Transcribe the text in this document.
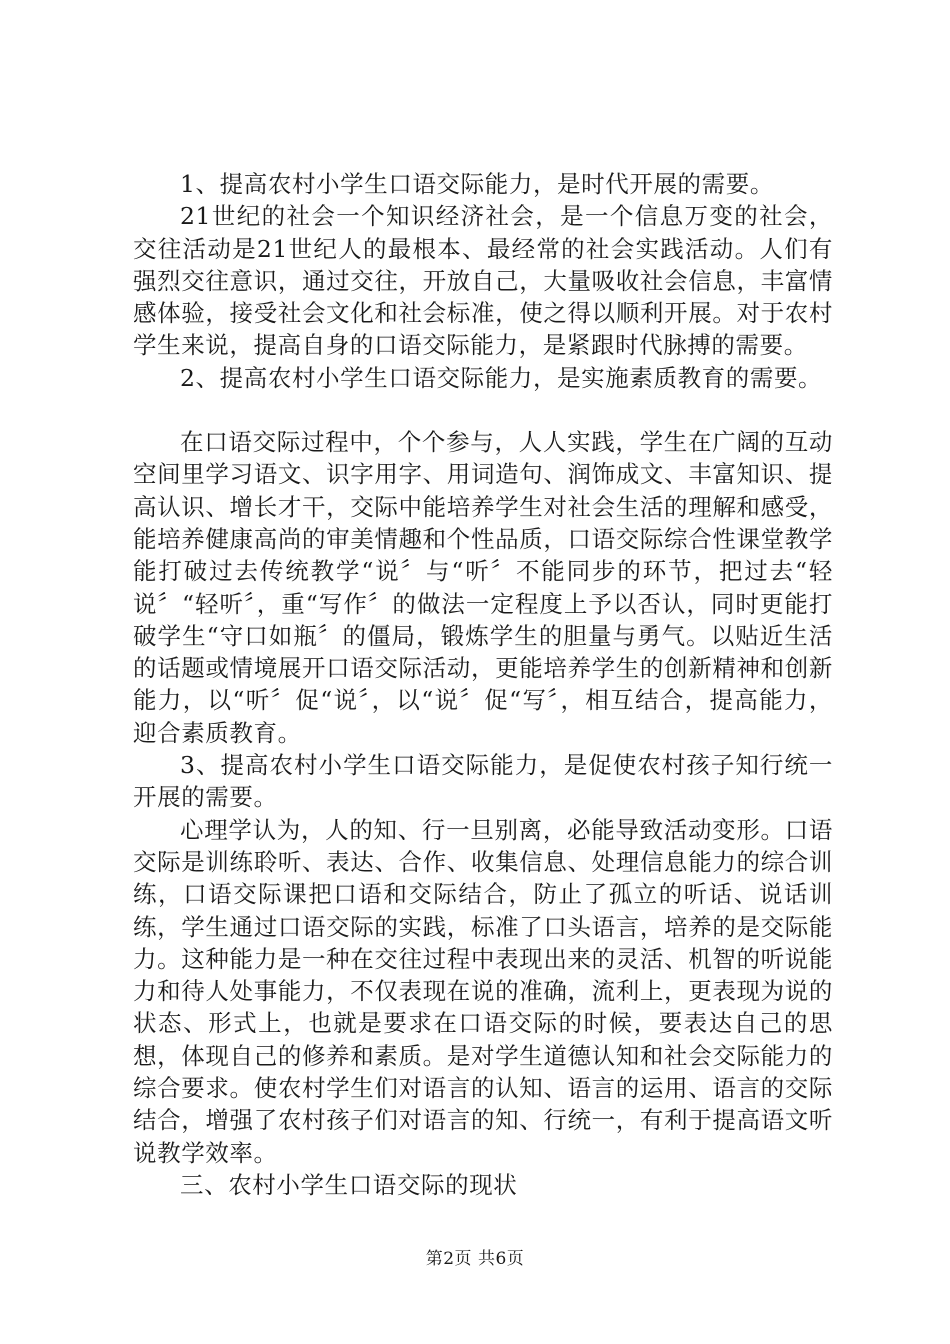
1、提高农村小学生口语交际能力，是时代开展的需要。

21世纪的社会一个知识经济社会，是一个信息万变的社会，交往活动是21世纪人的最根本、最经常的社会实践活动。人们有强烈交往意识，通过交往，开放自己，大量吸收社会信息，丰富情感体验，接受社会文化和社会标准，使之得以顺利开展。对于农村学生来说，提高自身的口语交际能力，是紧跟时代脉搏的需要。

2、提高农村小学生口语交际能力，是实施素质教育的需要。

在口语交际过程中，个个参与，人人实践，学生在广阔的互动空间里学习语文、识字用字、用词造句、润饰成文、丰富知识、提高认识、增长才干，交际中能培养学生对社会生活的理解和感受，能培养健康高尚的审美情趣和个性品质，口语交际综合性课堂教学能打破过去传统教学“说〞与“听〞不能同步的环节，把过去“轻说〞“轻听〞，重“写作〞的做法一定程度上予以否认，同时更能打破学生“守口如瓶〞的僵局，锻炼学生的胆量与勇气。以贴近生活的话题或情境展开口语交际活动，更能培养学生的创新精神和创新能力，以“听〞促“说〞，以“说〞促“写〞，相互结合，提高能力，迎合素质教育。

3、提高农村小学生口语交际能力，是促使农村孩子知行统一开展的需要。

心理学认为，人的知、行一旦别离，必能导致活动变形。口语交际是训练聆听、表达、合作、收集信息、处理信息能力的综合训练，口语交际课把口语和交际结合，防止了孤立的听话、说话训练，学生通过口语交际的实践，标准了口头语言，培养的是交际能力。这种能力是一种在交往过程中表现出来的灵活、机智的听说能力和待人处事能力，不仅表现在说的准确，流利上，更表现为说的状态、形式上，也就是要求在口语交际的时候，要表达自己的思想，体现自己的修养和素质。是对学生道德认知和社会交际能力的综合要求。使农村学生们对语言的认知、语言的运用、语言的交际结合，增强了农村孩子们对语言的知、行统一，有利于提高语文听说教学效率。

三、农村小学生口语交际的现状

第2页 共6页
